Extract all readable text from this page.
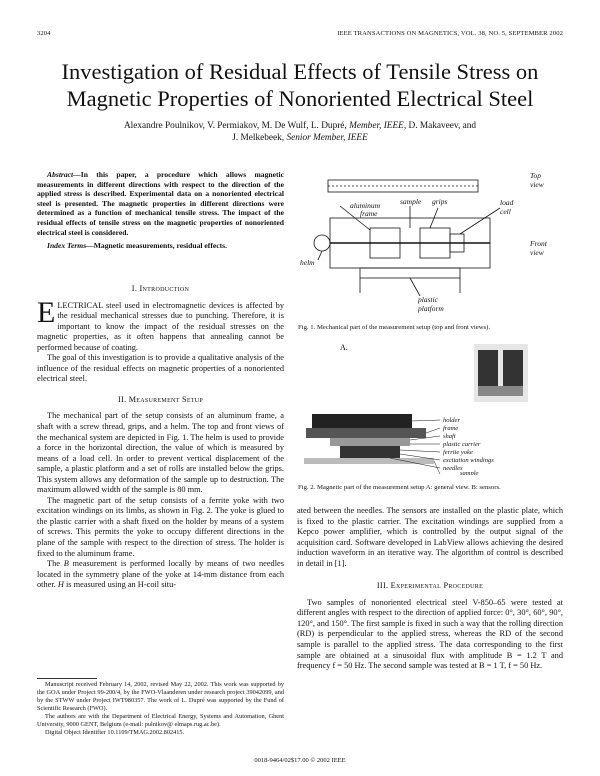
3204	IEEE TRANSACTIONS ON MAGNETICS, VOL. 38, NO. 5, SEPTEMBER 2002
Investigation of Residual Effects of Tensile Stress on
Magnetic Properties of Nonoriented Electrical Steel
Alexandre Poulnikov, V. Permiakov, M. De Wulf, L. Dupré, Member, IEEE, D. Makaveev, and
J. Melkebeek, Senior Member, IEEE

Abstract—In this paper, a procedure which allows magnetic measurements in different directions with respect to the direction of the applied stress is described. Experimental data on a nonoriented electrical steel is presented. The magnetic properties in different directions were determined as a function of mechanical tensile stress. The impact of the residual effects of tensile stress on the magnetic properties of nonoriented electrical steel is considered.

Index Terms—Magnetic measurements, residual effects.

I. Introduction

ELECTRICAL steel used in electromagnetic devices is affected by the residual mechanical stresses due to punching. Therefore, it is important to know the impact of the residual stresses on the magnetic properties, as it often happens that annealing cannot be performed because of coating.

The goal of this investigation is to provide a qualitative analysis of the influence of the residual effects on magnetic properties of a nonoriented electrical steel.

II. Measurement Setup

The mechanical part of the setup consists of an aluminum frame, a shaft with a screw thread, grips, and a helm. The top and front views of the mechanical system are depicted in Fig. 1. The helm is used to provide a force in the horizontal direction, the value of which is measured by means of a load cell. In order to prevent vertical displacement of the sample, a plastic platform and a set of rolls are installed below the grips. This system allows any deformation of the sample up to destruction. The maximum allowed width of the sample is 80 mm.

The magnetic part of the setup consists of a ferrite yoke with two excitation windings on its limbs, as shown in Fig. 2. The yoke is glued to the plastic carrier with a shaft fixed on the holder by means of a system of screws. This permits the yoke to occupy different directions in the plane of the sample with respect to the direction of stress. The holder is fixed to the aluminum frame.

The B measurement is performed locally by means of two needles located in the symmetry plane of the yoke at 14-mm distance from each other. H is measured using an H-coil situ-

Manuscript received February 14, 2002, revised May 22, 2002. This work was supported by the GOA under Project 99-200/4, by the FWO-Vlaanderen under research project 39042099, and by the STWW under Project IWT980357. The work of L. Dupré was supported by the Fund of Scientific Research (FWO).

The authors are with the Department of Electrical Energy, Systems and Automation, Ghent University, 9000 GENT, Belgium (e-mail: pulnikov@ elmaps.rug.ac.be).

Digital Object Identifier 10.1109/TMAG.2002.802415.

Top
view
helm
aluminum
frame
sample grips	load
cell
Front
view
plastic
platform
Fig. 1. Mechanical part of the measurement setup (top and front views).
A.
holder
frame
shaft
plastic carrier
ferrite yoke
excitation windings
needles
sample
Fig. 2. Magnetic part of the measurement setup A: general view. B: sensors.

ated between the needles. The sensors are installed on the plastic plate, which is fixed to the plastic carrier. The excitation windings are supplied from a Kepco power amplifier, which is controlled by the output signal of the acquisition card. Software developed in LabView allows achieving the desired induction waveform in an iterative way. The algorithm of control is described in detail in [1].

III. Experimental Procedure

Two samples of nonoriented electrical steel V-850–65 were tested at different angles with respect to the direction of applied force: 0°, 30°, 60°, 90°, 120°, and 150°. The first sample is fixed in such a way that the rolling direction (RD) is perpendicular to the applied stress, whereas the RD of the second sample is parallel to the applied stress. The data corresponding to the first sample are obtained at a sinusoidal flux with amplitude B = 1.2 T and frequency f = 50 Hz. The second sample was tested at B = 1 T, f = 50 Hz.

0018-9464/02$17.00 © 2002 IEEE
